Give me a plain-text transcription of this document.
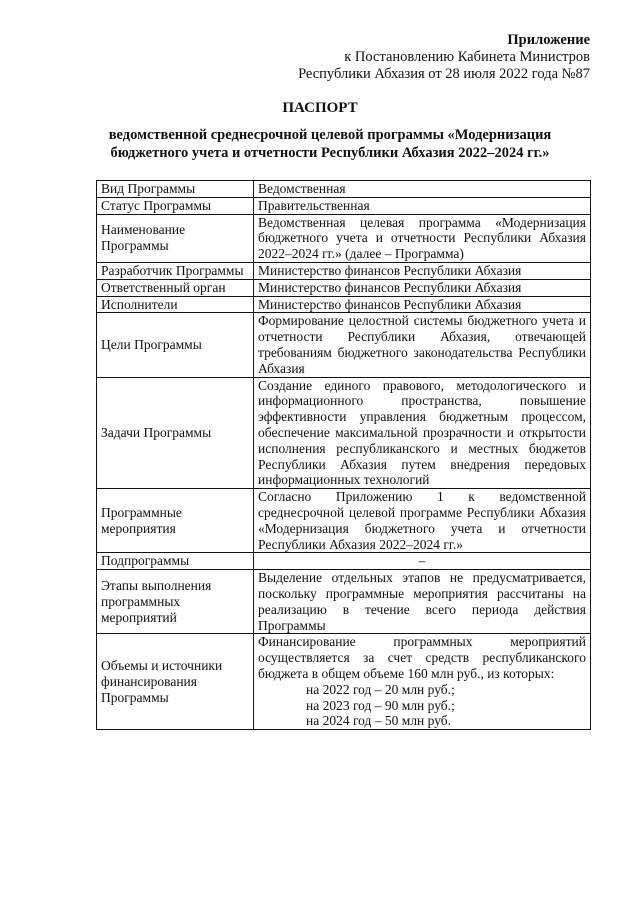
Приложение
к Постановлению Кабинета Министров
Республики Абхазия от 28 июля 2022 года №87
ПАСПОРТ
ведомственной среднесрочной целевой программы «Модернизация
бюджетного учета и отчетности Республики Абхазия 2022–2024 гг.»
Вид Программы	Ведомственная
Статус Программы	Правительственная
Наименование Программы	Ведомственная целевая программа «Модернизация бюджетного учета и отчетности Республики Абхазия 2022–2024 гг.» (далее – Программа)
Разработчик Программы	Министерство финансов Республики Абхазия
Ответственный орган	Министерство финансов Республики Абхазия
Исполнители	Министерство финансов Республики Абхазия
Цели Программы	Формирование целостной системы бюджетного учета и отчетности Республики Абхазия, отвечающей требованиям бюджетного законодательства Республики Абхазия
Задачи Программы	Создание единого правового, методологического и информационного пространства, повышение эффективности управления бюджетным процессом, обеспечение максимальной прозрачности и открытости исполнения республиканского и местных бюджетов Республики Абхазия путем внедрения передовых информационных технологий
Программные мероприятия	Согласно Приложению 1 к ведомственной среднесрочной целевой программе Республики Абхазия «Модернизация бюджетного учета и отчетности Республики Абхазия 2022–2024 гг.»
Подпрограммы	–
Этапы выполнения программных мероприятий	Выделение отдельных этапов не предусматривается, поскольку программные мероприятия рассчитаны на реализацию в течение всего периода действия Программы
Объемы и источники финансирования Программы	Финансирование программных мероприятий осуществляется за счет средств республиканского бюджета в общем объеме 160 млн руб., из которых:
на 2022 год – 20 млн руб.;
на 2023 год – 90 млн руб.;
на 2024 год – 50 млн руб.
